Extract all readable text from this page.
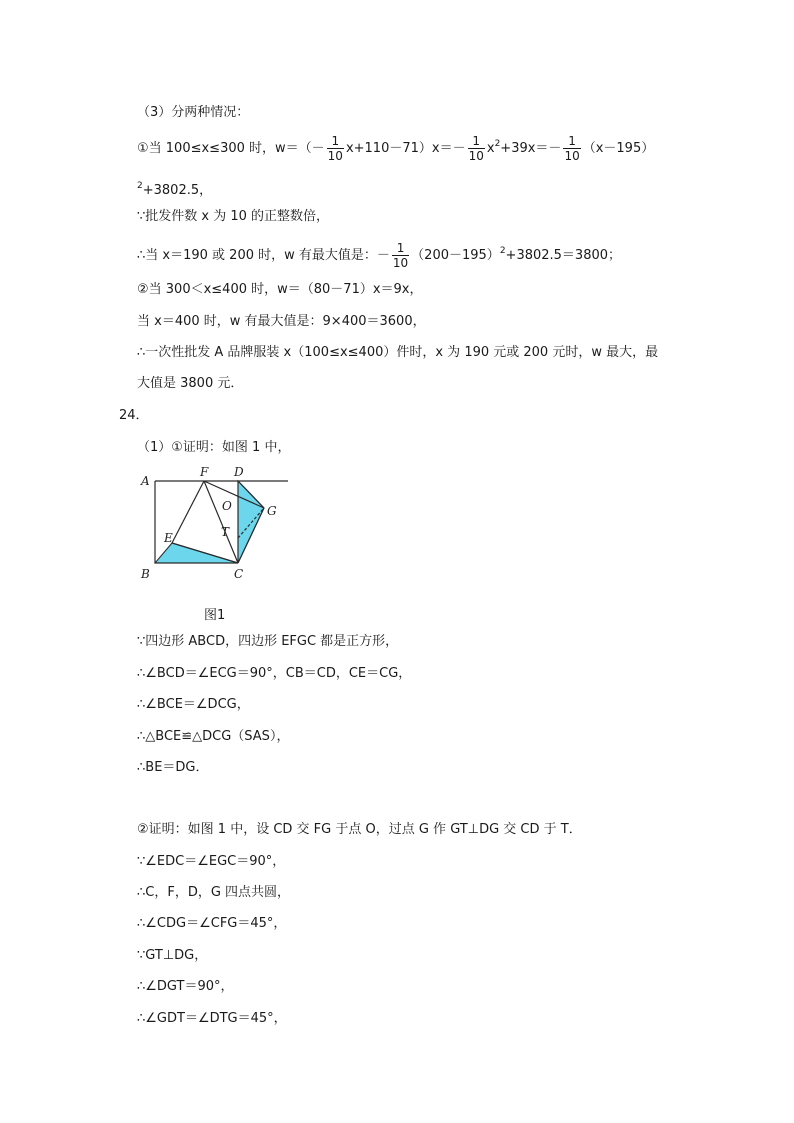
（3）分两种情况：
①当 100≤x≤300 时，$w=(- \frac{1}{10} x+110-71)x=- \frac{1}{10} x^2+39x=- \frac{1}{10} (x-195)$
$^2$+3802.5，
∵批发件数 x 为 10 的正整数倍，
∴当 x＝190 或 200 时，w 有最大值是：－ $\frac{1}{10} (200-195)^2+3802.5=3800$；
②当 300＜x≤400 时，w＝（80－71）x＝9x，
当 x＝400 时，w 有最大值是：9×400＝3600，
∴一次性批发 A 品牌服装 x（100≤x≤400）件时，x 为 190 元或 200 元时，w 最大，最
大值是 3800 元．
24．
（1）①证明：如图 1 中，
A
F D
O	G
E	T
B	C
图1
∵四边形 ABCD，四边形 EFGC 都是正方形，
∴∠BCD＝∠ECG＝90°，CB＝CD，CE＝CG，
∴∠BCE＝∠DCG，
∴△BCE≌△DCG（SAS），
∴BE＝DG．
②证明：如图 1 中，设 CD 交 FG 于点 O，过点 G 作 GT⊥DG 交 CD 于 T．
∵∠EDC＝∠EGC＝90°，
∴C，F，D，G 四点共圆，
∴∠CDG＝∠CFG＝45°，
∵GT⊥DG，
∴∠DGT＝90°，
∴∠GDT＝∠DTG＝45°，
